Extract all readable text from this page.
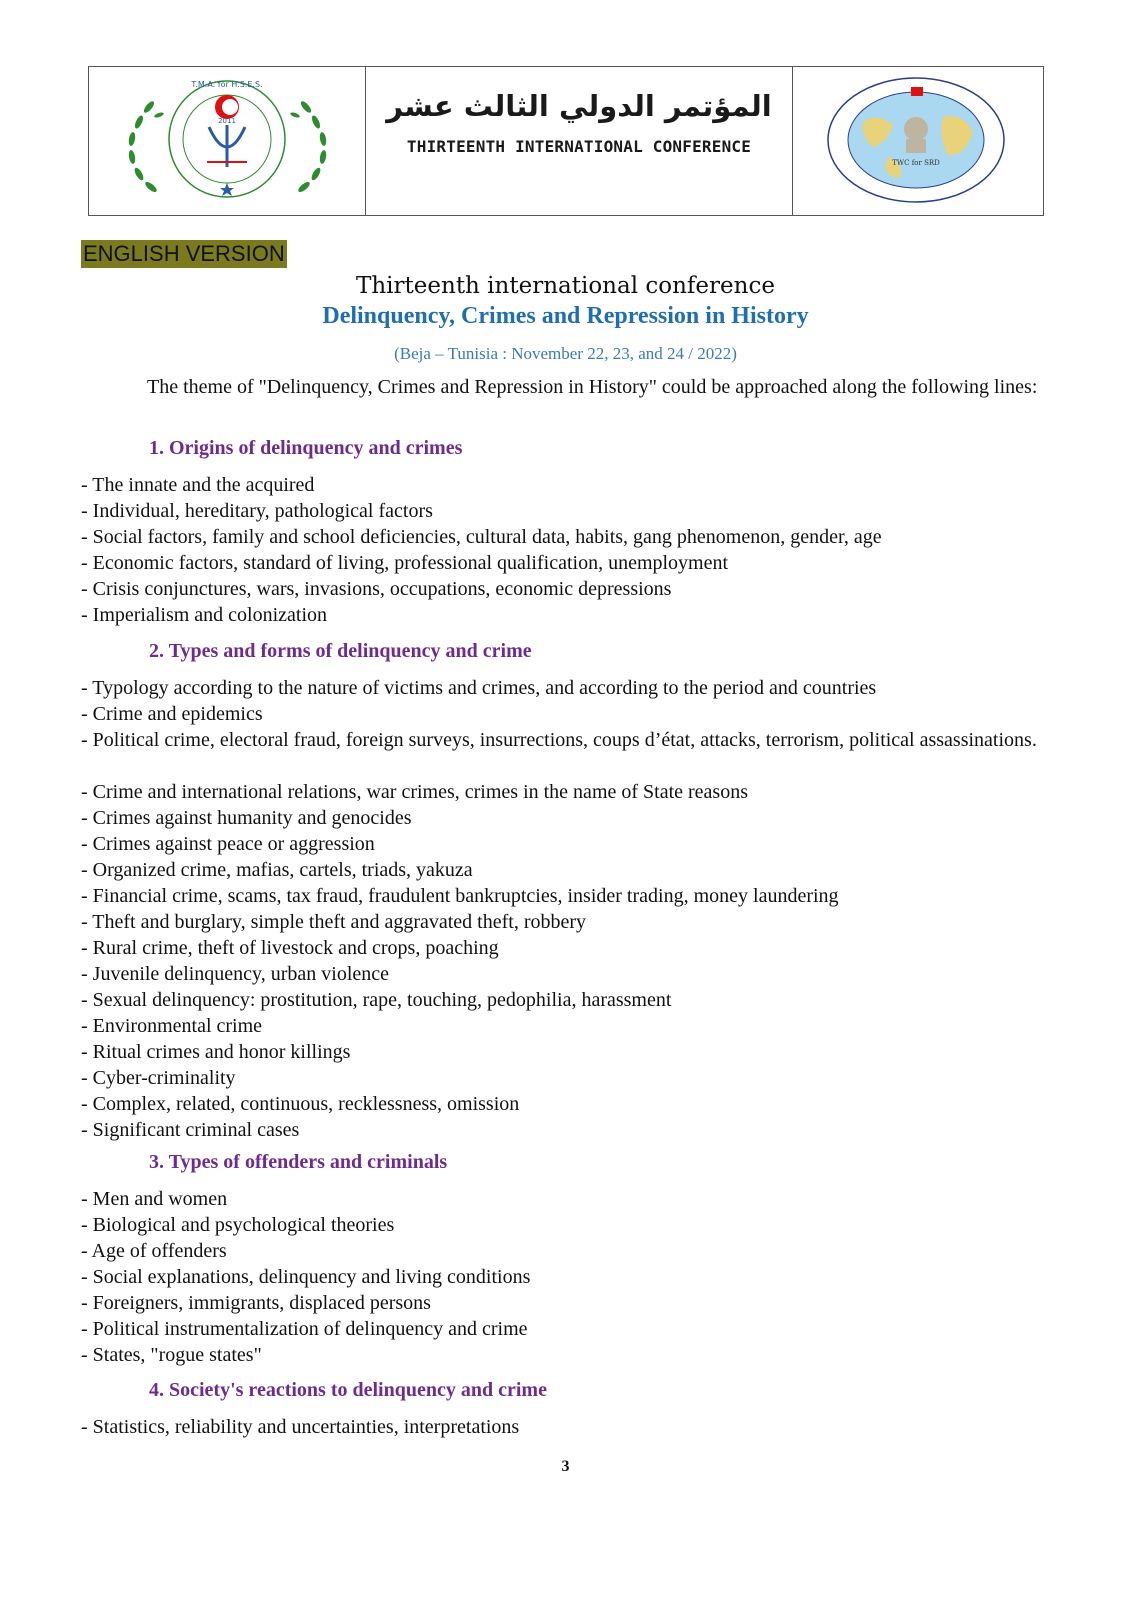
2011
T.M.A. for H.S.E.S.
المؤتمر الدولي الثالث عشر
THIRTEENTH INTERNATIONAL CONFERENCE
TWC for SRD
ENGLISH VERSION
Thirteenth international conference
Delinquency, Crimes and Repression in History
(Beja – Tunisia : November 22, 23, and 24 / 2022)
The theme of "Delinquency, Crimes and Repression in History" could be approached along the following lines:
1. Origins of delinquency and crimes
- The innate and the acquired
- Individual, hereditary, pathological factors
- Social factors, family and school deficiencies, cultural data, habits, gang phenomenon, gender, age
- Economic factors, standard of living, professional qualification, unemployment
- Crisis conjunctures, wars, invasions, occupations, economic depressions
- Imperialism and colonization
2. Types and forms of delinquency and crime
- Typology according to the nature of victims and crimes, and according to the period and countries
- Crime and epidemics
- Political crime, electoral fraud, foreign surveys, insurrections, coups d’état, attacks, terrorism, political assassinations.
- Crime and international relations, war crimes, crimes in the name of State reasons
- Crimes against humanity and genocides
- Crimes against peace or aggression
- Organized crime, mafias, cartels, triads, yakuza
- Financial crime, scams, tax fraud, fraudulent bankruptcies, insider trading, money laundering
- Theft and burglary, simple theft and aggravated theft, robbery
- Rural crime, theft of livestock and crops, poaching
- Juvenile delinquency, urban violence
- Sexual delinquency: prostitution, rape, touching, pedophilia, harassment
- Environmental crime
- Ritual crimes and honor killings
- Cyber-criminality
- Complex, related, continuous, recklessness, omission
- Significant criminal cases
3. Types of offenders and criminals
- Men and women
- Biological and psychological theories
- Age of offenders
- Social explanations, delinquency and living conditions
- Foreigners, immigrants, displaced persons
- Political instrumentalization of delinquency and crime
- States, "rogue states"
4. Society's reactions to delinquency and crime
- Statistics, reliability and uncertainties, interpretations
3
